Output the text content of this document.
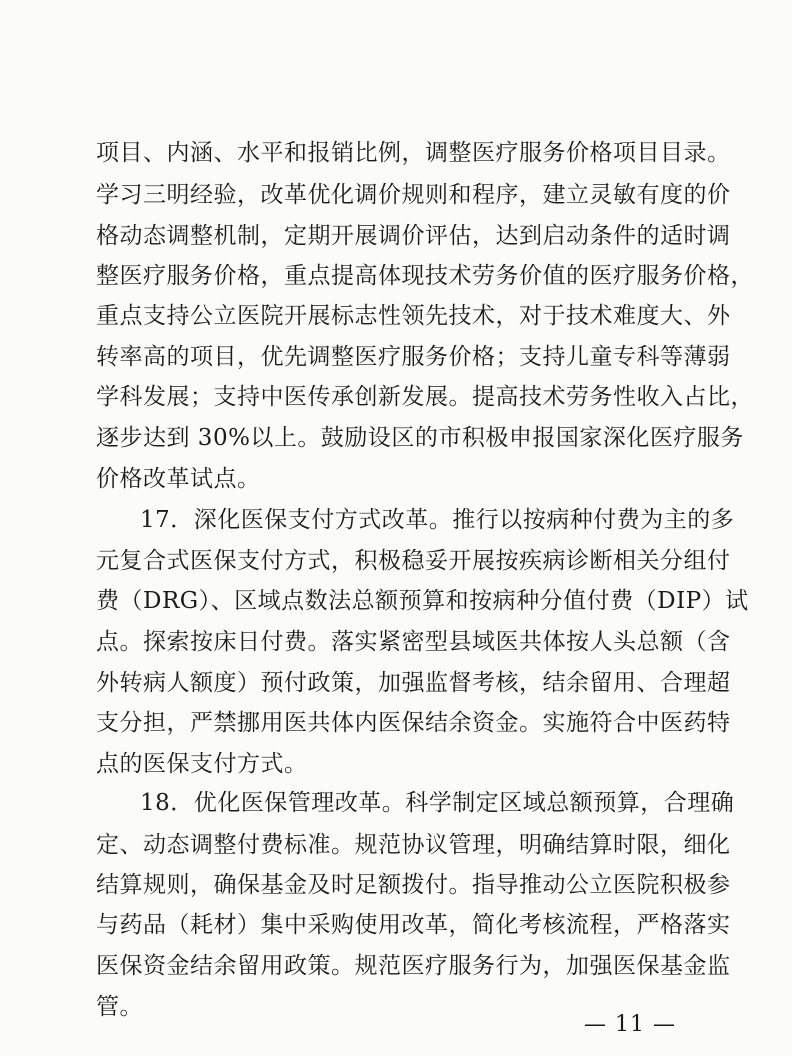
项目、内涵、水平和报销比例，调整医疗服务价格项目目录。
学习三明经验，改革优化调价规则和程序，建立灵敏有度的价
格动态调整机制，定期开展调价评估，达到启动条件的适时调
整医疗服务价格，重点提高体现技术劳务价值的医疗服务价格，
重点支持公立医院开展标志性领先技术，对于技术难度大、外
转率高的项目，优先调整医疗服务价格；支持儿童专科等薄弱
学科发展；支持中医传承创新发展。提高技术劳务性收入占比，
逐步达到 30%以上。鼓励设区的市积极申报国家深化医疗服务
价格改革试点。
17．深化医保支付方式改革。推行以按病种付费为主的多
元复合式医保支付方式，积极稳妥开展按疾病诊断相关分组付
费（DRG）、区域点数法总额预算和按病种分值付费（DIP）试
点。探索按床日付费。落实紧密型县域医共体按人头总额（含
外转病人额度）预付政策，加强监督考核，结余留用、合理超
支分担，严禁挪用医共体内医保结余资金。实施符合中医药特
点的医保支付方式。
18．优化医保管理改革。科学制定区域总额预算，合理确
定、动态调整付费标准。规范协议管理，明确结算时限，细化
结算规则，确保基金及时足额拨付。指导推动公立医院积极参
与药品（耗材）集中采购使用改革，简化考核流程，严格落实
医保资金结余留用政策。规范医疗服务行为，加强医保基金监
管。
— 11 —
